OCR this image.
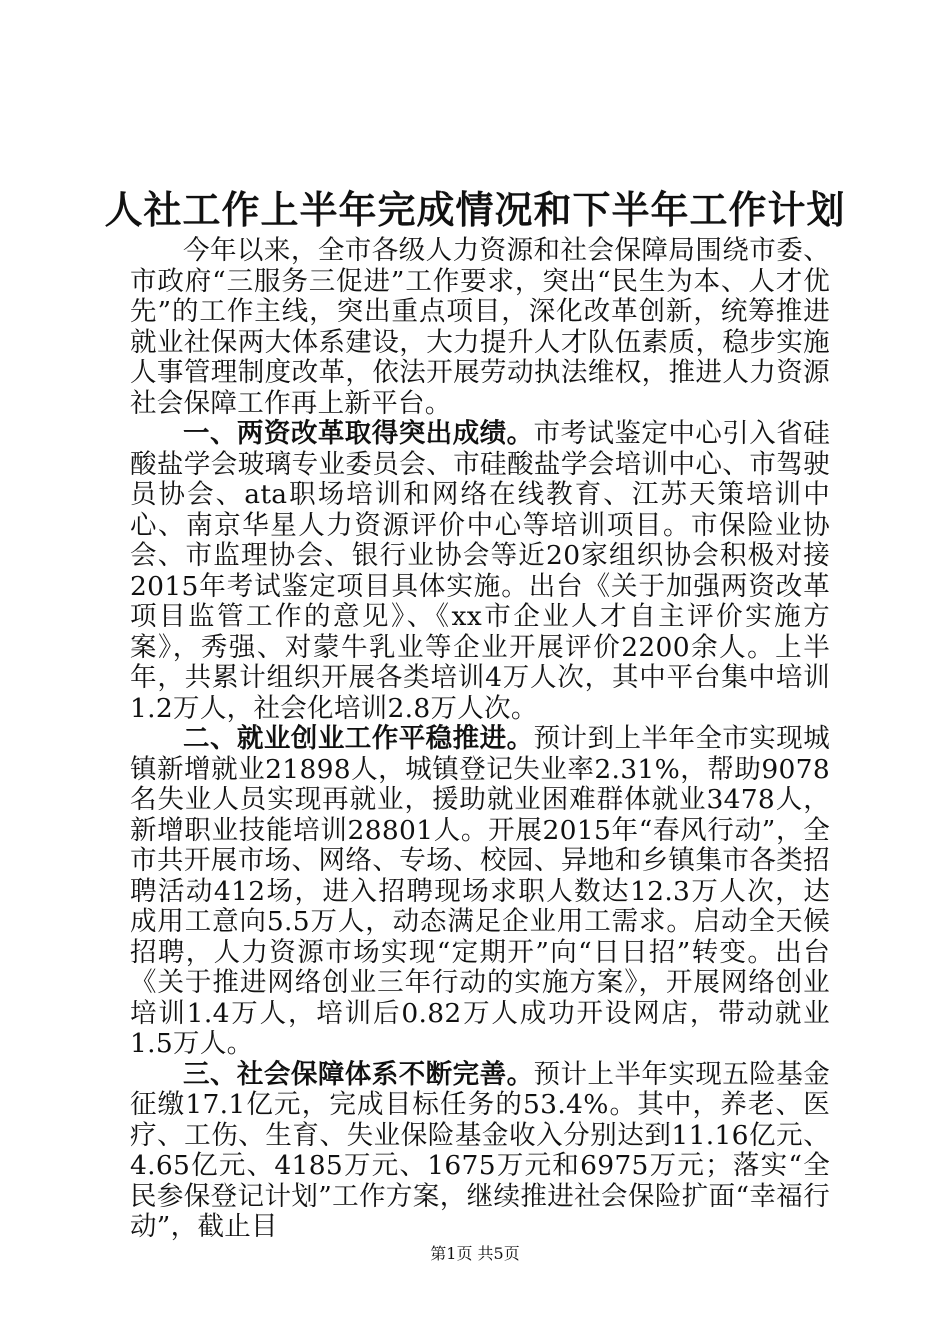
人社工作上半年完成情况和下半年工作计划

今年以来，全市各级人力资源和社会保障局围绕市委、市政府“三服务三促进”工作要求，突出“民生为本、人才优先”的工作主线，突出重点项目，深化改革创新，统筹推进就业社保两大体系建设，大力提升人才队伍素质，稳步实施人事管理制度改革，依法开展劳动执法维权，推进人力资源社会保障工作再上新平台。

一、两资改革取得突出成绩。市考试鉴定中心引入省硅酸盐学会玻璃专业委员会、市硅酸盐学会培训中心、市驾驶员协会、ata职场培训和网络在线教育、江苏天策培训中心、南京华星人力资源评价中心等培训项目。市保险业协会、市监理协会、银行业协会等近20家组织协会积极对接2015年考试鉴定项目具体实施。出台《关于加强两资改革项目监管工作的意见》、《xx市企业人才自主评价实施方案》，秀强、对蒙牛乳业等企业开展评价2200余人。上半年，共累计组织开展各类培训4万人次，其中平台集中培训1.2万人，社会化培训2.8万人次。

二、就业创业工作平稳推进。预计到上半年全市实现城镇新增就业21898人，城镇登记失业率2.31%，帮助9078名失业人员实现再就业，援助就业困难群体就业3478人，新增职业技能培训28801人。开展2015年“春风行动”，全市共开展市场、网络、专场、校园、异地和乡镇集市各类招聘活动412场，进入招聘现场求职人数达12.3万人次，达成用工意向5.5万人，动态满足企业用工需求。启动全天候招聘，人力资源市场实现“定期开”向“日日招”转变。出台《关于推进网络创业三年行动的实施方案》，开展网络创业培训1.4万人，培训后0.82万人成功开设网店，带动就业1.5万人。

三、社会保障体系不断完善。预计上半年实现五险基金征缴17.1亿元，完成目标任务的53.4%。其中，养老、医疗、工伤、生育、失业保险基金收入分别达到11.16亿元、4.65亿元、4185万元、1675万元和6975万元；落实“全民参保登记计划”工作方案，继续推进社会保险扩面“幸福行动”，截止目

第1页 共5页
